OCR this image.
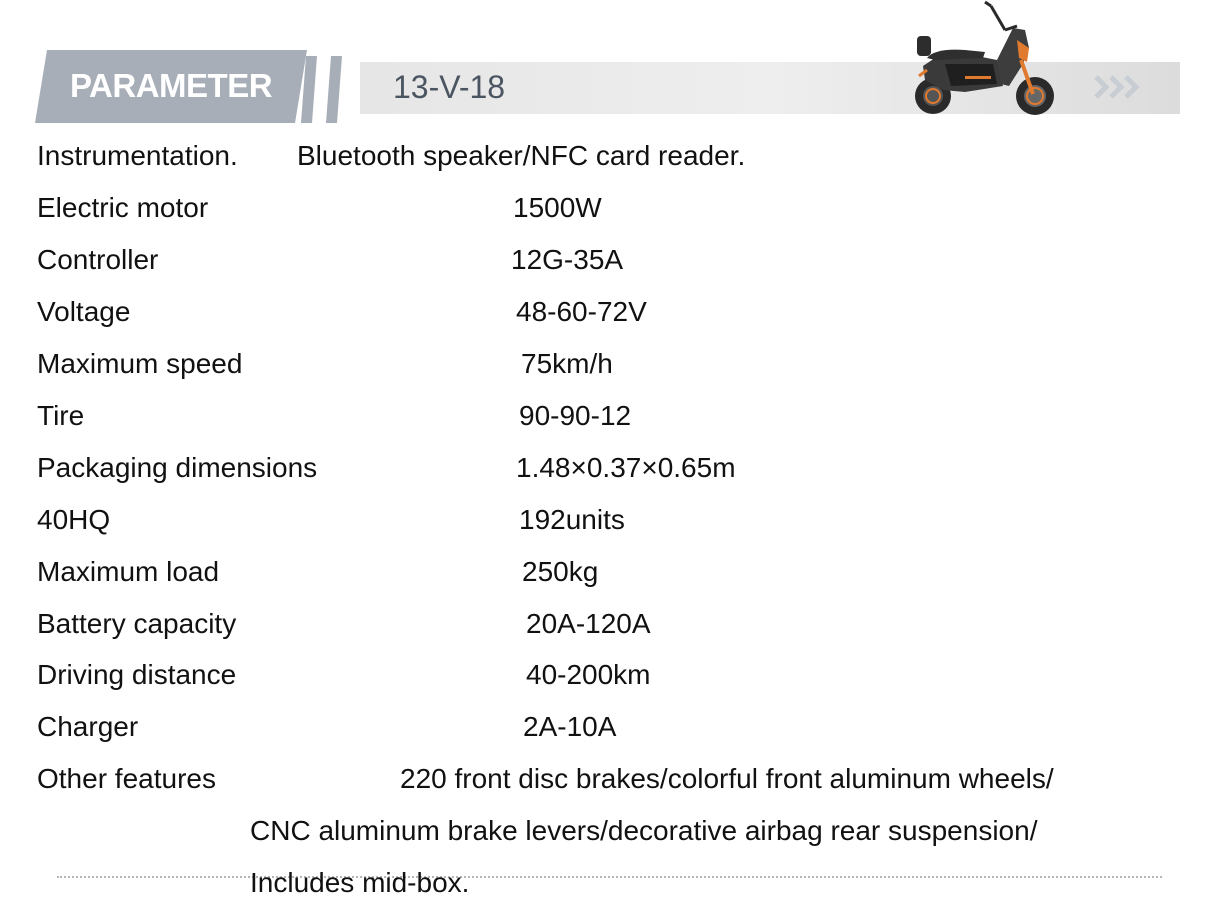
PARAMETER	13-V-18
Instrumentation. Bluetooth speaker/NFC card reader.
Electric motor	1500W
Controller	12G-35A
Voltage	48-60-72V
Maximum speed	75km/h
Tire	90-90-12
Packaging dimensions	1.48×0.37×0.65m
40HQ	192units
Maximum load	250kg
Battery capacity	20A-120A
Driving distance	40-200km
Charger	2A-10A
Other features	220 front disc brakes/colorful front aluminum wheels/
CNC aluminum brake levers/decorative airbag rear suspension/
Includes mid-box.
